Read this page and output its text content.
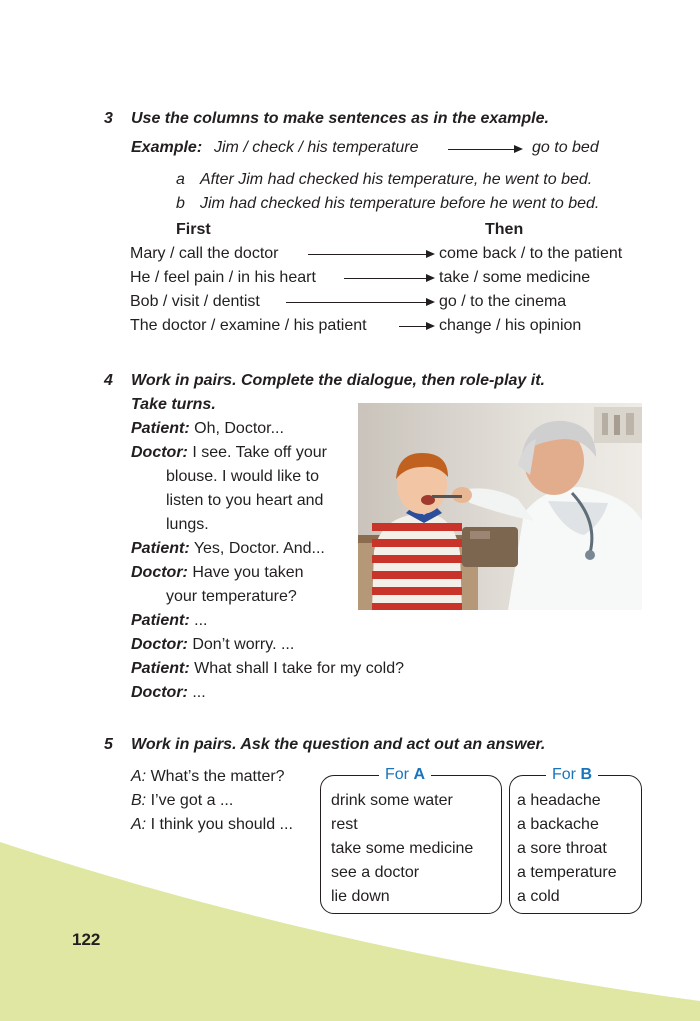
3 Use the columns to make sentences as in the example.
Example: Jim / check / his temperature	go to bed
a After Jim had checked his temperature, he went to bed.
b Jim had checked his temperature before he went to bed.
First	Then
Mary / call the doctor	come back / to the patient
He / feel pain / in his heart	take / some medicine
Bob / visit / dentist	go / to the cinema
The doctor / examine / his patient	change / his opinion
4 Work in pairs. Complete the dialogue, then role-play it.
Take turns.
Patient: Oh, Doctor...
Doctor: I see. Take off your
blouse. I would like to
listen to you heart and
lungs.
Patient: Yes, Doctor. And...
Doctor: Have you taken
your temperature?
Patient: ...
Doctor: Don’t worry. ...
Patient: What shall I take for my cold?
Doctor: ...
5 Work in pairs. Ask the question and act out an answer.
A: What’s the matter?
B: I’ve got a ...
A: I think you should ...
For A
drink some water
rest
take some medicine
see a doctor
lie down
For B
a headache
a backache
a sore throat
a temperature
a cold
122
